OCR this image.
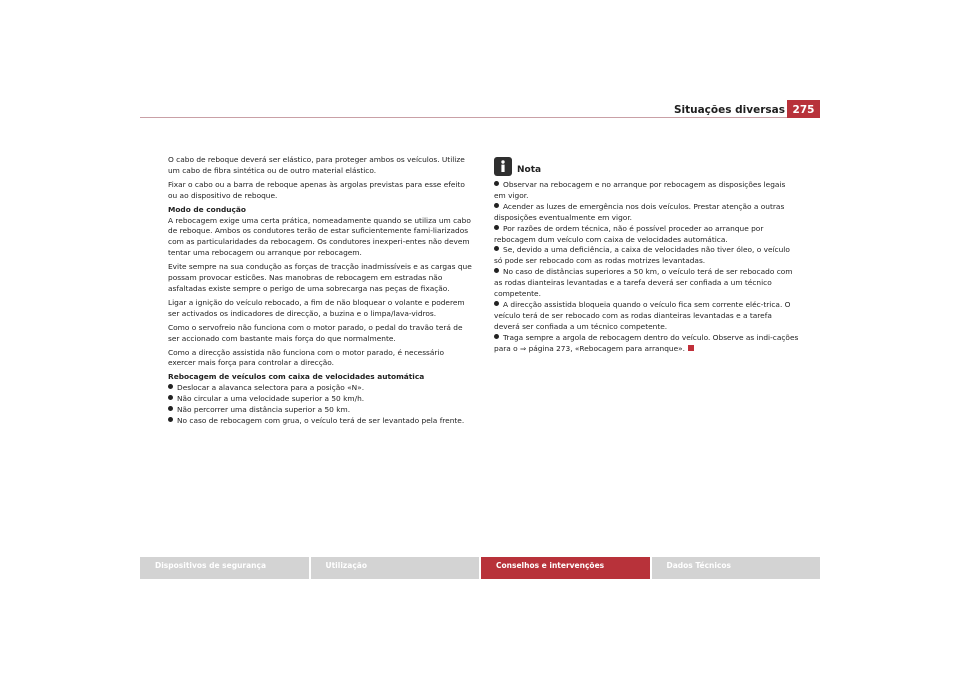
Situações diversas 275

O cabo de reboque deverá ser elástico, para proteger ambos os veículos. Utilize um cabo de fibra sintética ou de outro material elástico.

Fixar o cabo ou a barra de reboque apenas às argolas previstas para esse efeito ou ao dispositivo de reboque.

Modo de condução

A rebocagem exige uma certa prática, nomeadamente quando se utiliza um cabo de reboque. Ambos os condutores terão de estar suficientemente fami-liarizados com as particularidades da rebocagem. Os condutores inexperi-entes não devem tentar uma rebocagem ou arranque por rebocagem.

Evite sempre na sua condução as forças de tracção inadmissíveis e as cargas que possam provocar esticões. Nas manobras de rebocagem em estradas não asfaltadas existe sempre o perigo de uma sobrecarga nas peças de fixação.

Ligar a ignição do veículo rebocado, a fim de não bloquear o volante e poderem ser activados os indicadores de direcção, a buzina e o limpa/lava-vidros.

Como o servofreio não funciona com o motor parado, o pedal do travão terá de ser accionado com bastante mais força do que normalmente.

Como a direcção assistida não funciona com o motor parado, é necessário exercer mais força para controlar a direcção.

Rebocagem de veículos com caixa de velocidades automática
Deslocar a alavanca selectora para a posição «N».
Não circular a uma velocidade superior a 50 km/h.
Não percorrer uma distância superior a 50 km.
No caso de rebocagem com grua, o veículo terá de ser levantado pela frente.
Nota
Observar na rebocagem e no arranque por rebocagem as disposições legais em vigor.
Acender as luzes de emergência nos dois veículos. Prestar atenção a outras disposições eventualmente em vigor.
Por razões de ordem técnica, não é possível proceder ao arranque por rebocagem dum veículo com caixa de velocidades automática.
Se, devido a uma deficiência, a caixa de velocidades não tiver óleo, o veículo só pode ser rebocado com as rodas motrizes levantadas.
No caso de distâncias superiores a 50 km, o veículo terá de ser rebocado com as rodas dianteiras levantadas e a tarefa deverá ser confiada a um técnico competente.
A direcção assistida bloqueia quando o veículo fica sem corrente eléc-trica. O veículo terá de ser rebocado com as rodas dianteiras levantadas e a tarefa deverá ser confiada a um técnico competente.
Traga sempre a argola de rebocagem dentro do veículo. Observe as indi-cações para o ⇒ página 273, «Rebocagem para arranque».
Dispositivos de segurança	Utilização	Conselhos e intervenções	Dados Técnicos
